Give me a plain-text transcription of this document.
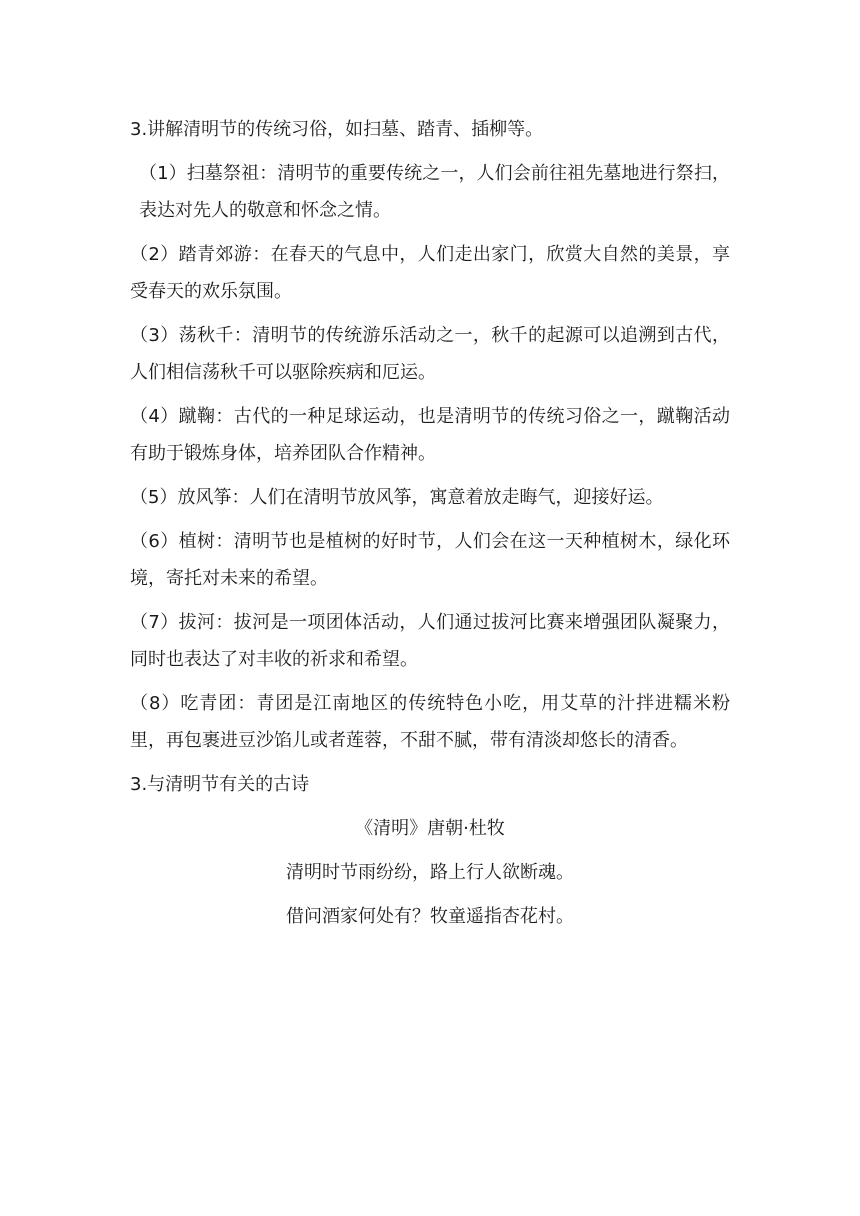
3.讲解清明节的传统习俗，如扫墓、踏青、插柳等。

（1）扫墓祭祖：清明节的重要传统之一，人们会前往祖先墓地进行祭扫，表达对先人的敬意和怀念之情。

（2）踏青郊游：在春天的气息中，人们走出家门，欣赏大自然的美景，享受春天的欢乐氛围。

（3）荡秋千：清明节的传统游乐活动之一，秋千的起源可以追溯到古代，人们相信荡秋千可以驱除疾病和厄运。

（4）蹴鞠：古代的一种足球运动，也是清明节的传统习俗之一，蹴鞠活动有助于锻炼身体，培养团队合作精神。

（5）放风筝：人们在清明节放风筝，寓意着放走晦气，迎接好运。

（6）植树：清明节也是植树的好时节，人们会在这一天种植树木，绿化环境，寄托对未来的希望。

（7）拔河：拔河是一项团体活动，人们通过拔河比赛来增强团队凝聚力，同时也表达了对丰收的祈求和希望。

（8）吃青团：青团是江南地区的传统特色小吃，用艾草的汁拌进糯米粉里，再包裹进豆沙馅儿或者莲蓉，不甜不腻，带有清淡却悠长的清香。

3.与清明节有关的古诗

《清明》唐朝·杜牧
清明时节雨纷纷，路上行人欲断魂。
借问酒家何处有？牧童遥指杏花村。
